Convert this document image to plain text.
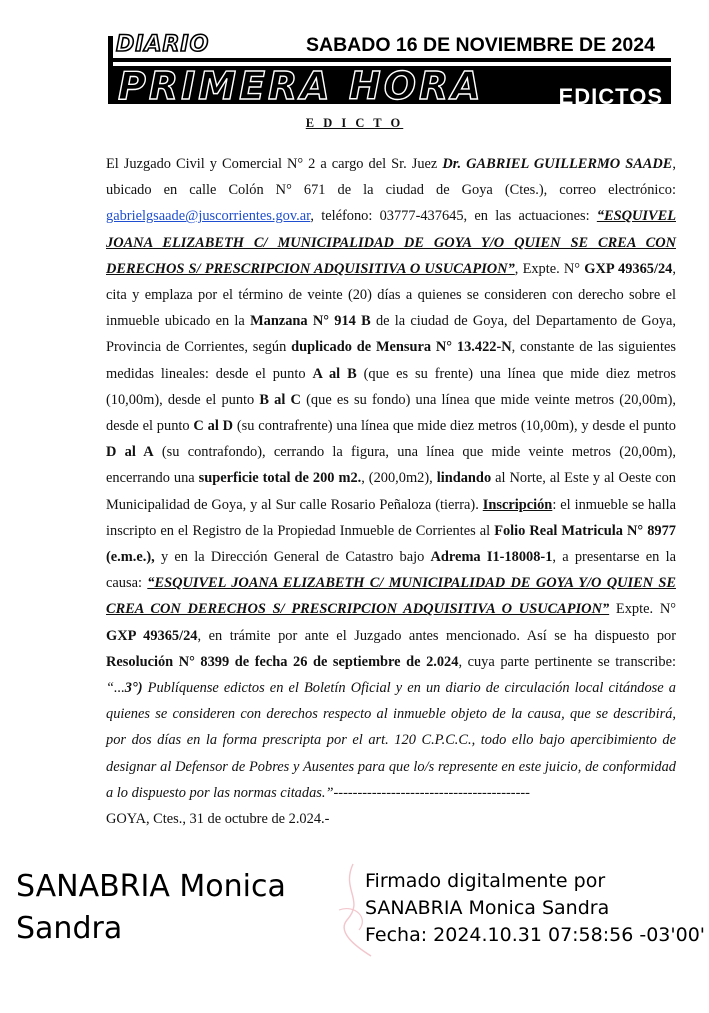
DIARIO	SABADO 16 DE NOVIEMBRE DE 2024
PRIMERA HORA	EDICTOS
E D I C T O

El Juzgado Civil y Comercial N° 2 a cargo del Sr. Juez Dr. GABRIEL GUILLERMO SAADE, ubicado en calle Colón N° 671 de la ciudad de Goya (Ctes.), correo electrónico: gabrielgsaade@juscorrientes.gov.ar, teléfono: 03777-437645, en las actuaciones: “ESQUIVEL JOANA ELIZABETH C/ MUNICIPALIDAD DE GOYA Y/O QUIEN SE CREA CON DERECHOS S/ PRESCRIPCION ADQUISITIVA O USUCAPION”, Expte. N° GXP 49365/24, cita y emplaza por el término de veinte (20) días a quienes se consideren con derecho sobre el inmueble ubicado en la Manzana N° 914 B de la ciudad de Goya, del Departamento de Goya, Provincia de Corrientes, según duplicado de Mensura N° 13.422-N, constante de las siguientes medidas lineales: desde el punto A al B (que es su frente) una línea que mide diez metros (10,00m), desde el punto B al C (que es su fondo) una línea que mide veinte metros (20,00m), desde el punto C al D (su contrafrente) una línea que mide diez metros (10,00m), y desde el punto D al A (su contrafondo), cerrando la figura, una línea que mide veinte metros (20,00m), encerrando una superficie total de 200 m2., (200,0m2), lindando al Norte, al Este y al Oeste con Municipalidad de Goya, y al Sur calle Rosario Peñaloza (tierra). Inscripción: el inmueble se halla inscripto en el Registro de la Propiedad Inmueble de Corrientes al Folio Real Matricula N° 8977 (e.m.e.), y en la Dirección General de Catastro bajo Adrema I1-18008-1, a presentarse en la causa: “ESQUIVEL JOANA ELIZABETH C/ MUNICIPALIDAD DE GOYA Y/O QUIEN SE CREA CON DERECHOS S/ PRESCRIPCION ADQUISITIVA O USUCAPION” Expte. N° GXP 49365/24, en trámite por ante el Juzgado antes mencionado. Así se ha dispuesto por Resolución N° 8399 de fecha 26 de septiembre de 2.024, cuya parte pertinente se transcribe: “...3°) Publíquense edictos en el Boletín Oficial y en un diario de circulación local citándose a quienes se consideren con derechos respecto al inmueble objeto de la causa, que se describirá, por dos días en la forma prescripta por el art. 120 C.P.C.C., todo ello bajo apercibimiento de designar al Defensor de Pobres y Ausentes para que lo/s represente en este juicio, de conformidad a lo dispuesto por las normas citadas.”-----------------------------------------

GOYA, Ctes., 31 de octubre de 2.024.-

SANABRIA Monica
Sandra
Firmado digitalmente por
SANABRIA Monica Sandra
Fecha: 2024.10.31 07:58:56 -03'00'
